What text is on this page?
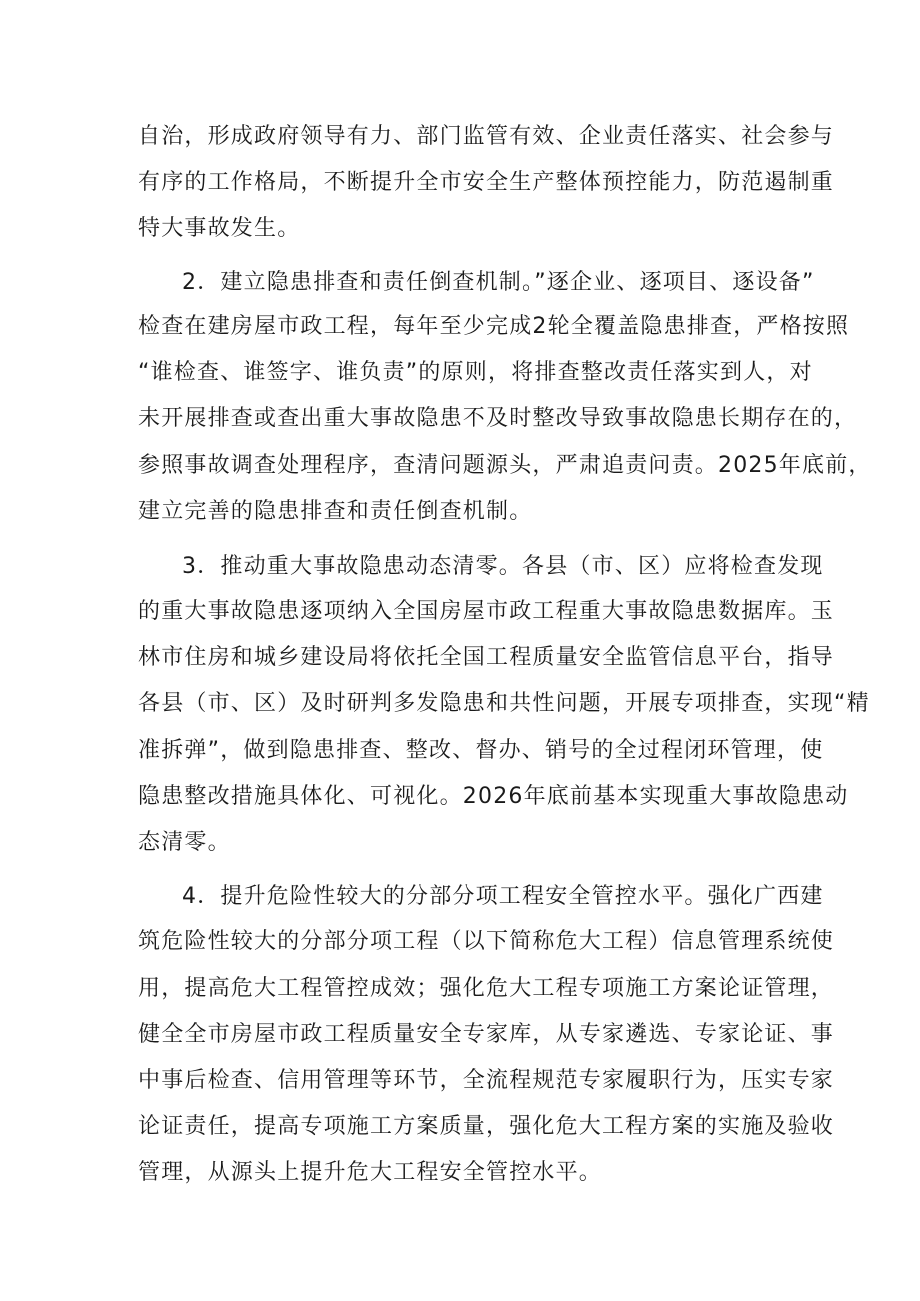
自治，形成政府领导有力、部门监管有效、企业责任落实、社会参与
有序的工作格局，不断提升全市安全生产整体预控能力，防范遏制重
特大事故发生。
2．建立隐患排查和责任倒查机制。”逐企业、逐项目、逐设备”
检查在建房屋市政工程，每年至少完成2轮全覆盖隐患排查，严格按照
“谁检查、谁签字、谁负责”的原则，将排查整改责任落实到人，对
未开展排查或查出重大事故隐患不及时整改导致事故隐患长期存在的，
参照事故调查处理程序，查清问题源头，严肃追责问责。2025年底前，
建立完善的隐患排查和责任倒查机制。
3．推动重大事故隐患动态清零。各县（市、区）应将检查发现
的重大事故隐患逐项纳入全国房屋市政工程重大事故隐患数据库。玉
林市住房和城乡建设局将依托全国工程质量安全监管信息平台，指导
各县（市、区）及时研判多发隐患和共性问题，开展专项排查，实现“精
准拆弹”，做到隐患排查、整改、督办、销号的全过程闭环管理，使
隐患整改措施具体化、可视化。2026年底前基本实现重大事故隐患动
态清零。
4．提升危险性较大的分部分项工程安全管控水平。强化广西建
筑危险性较大的分部分项工程（以下简称危大工程）信息管理系统使
用，提高危大工程管控成效；强化危大工程专项施工方案论证管理，
健全全市房屋市政工程质量安全专家库，从专家遴选、专家论证、事
中事后检查、信用管理等环节，全流程规范专家履职行为，压实专家
论证责任，提高专项施工方案质量，强化危大工程方案的实施及验收
管理，从源头上提升危大工程安全管控水平。
